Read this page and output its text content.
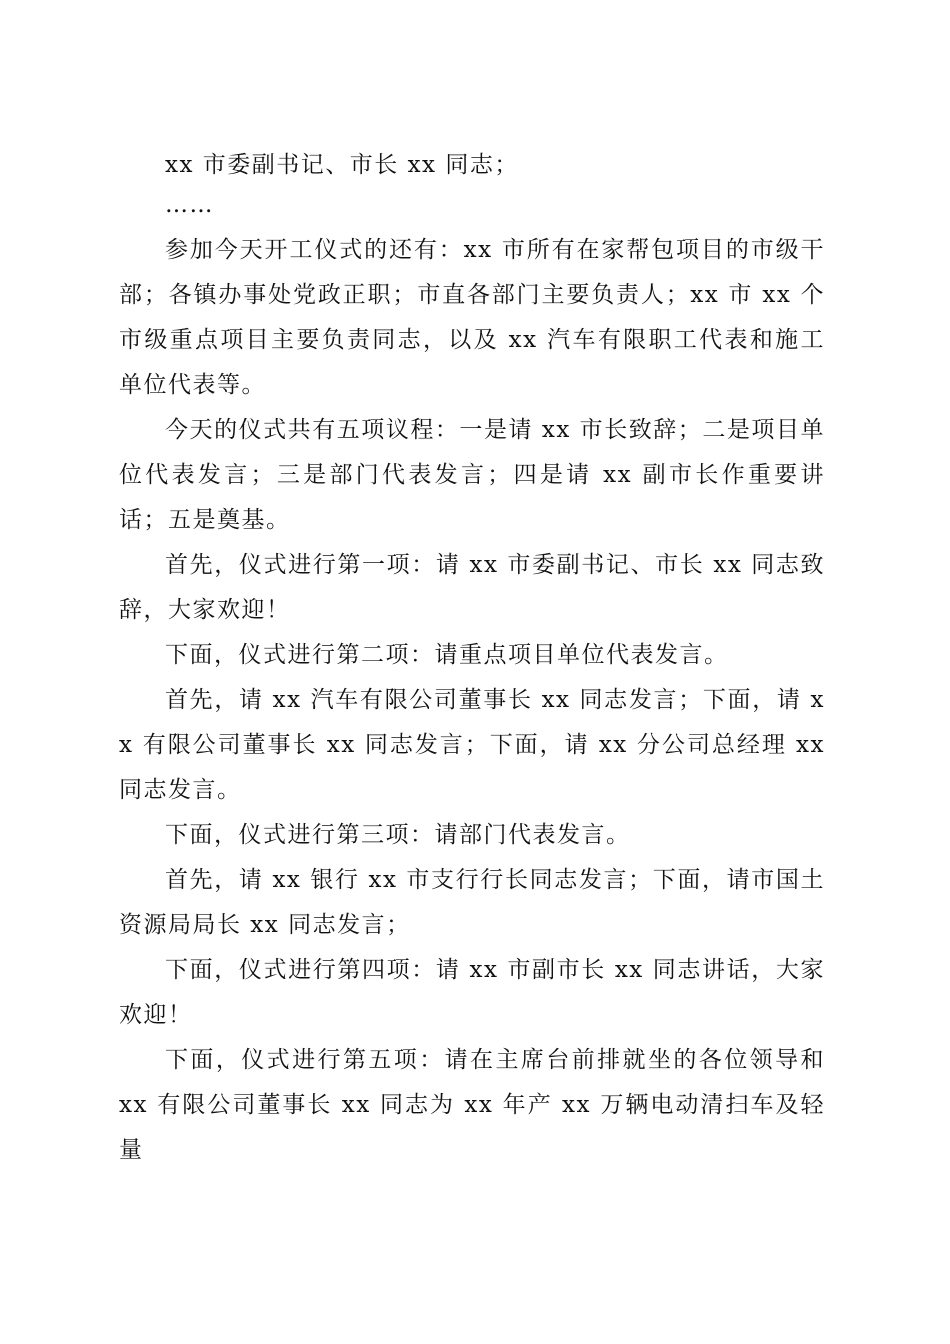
xx 市委副书记、市长 xx 同志；

……

参加今天开工仪式的还有：xx 市所有在家帮包项目的市级干部；各镇办事处党政正职；市直各部门主要负责人；xx 市 xx 个市级重点项目主要负责同志，以及 xx 汽车有限职工代表和施工单位代表等。

今天的仪式共有五项议程：一是请 xx 市长致辞；二是项目单位代表发言；三是部门代表发言；四是请 xx 副市长作重要讲话；五是奠基。

首先，仪式进行第一项：请 xx 市委副书记、市长 xx 同志致辞，大家欢迎！

下面，仪式进行第二项：请重点项目单位代表发言。

首先，请 xx 汽车有限公司董事长 xx 同志发言；下面，请 xx 有限公司董事长 xx 同志发言；下面，请 xx 分公司总经理 xx 同志发言。

下面，仪式进行第三项：请部门代表发言。

首先，请 xx 银行 xx 市支行行长同志发言；下面，请市国土资源局局长 xx 同志发言；

下面，仪式进行第四项：请 xx 市副市长 xx 同志讲话，大家欢迎！

下面，仪式进行第五项：请在主席台前排就坐的各位领导和 xx 有限公司董事长 xx 同志为 xx 年产 xx 万辆电动清扫车及轻量
